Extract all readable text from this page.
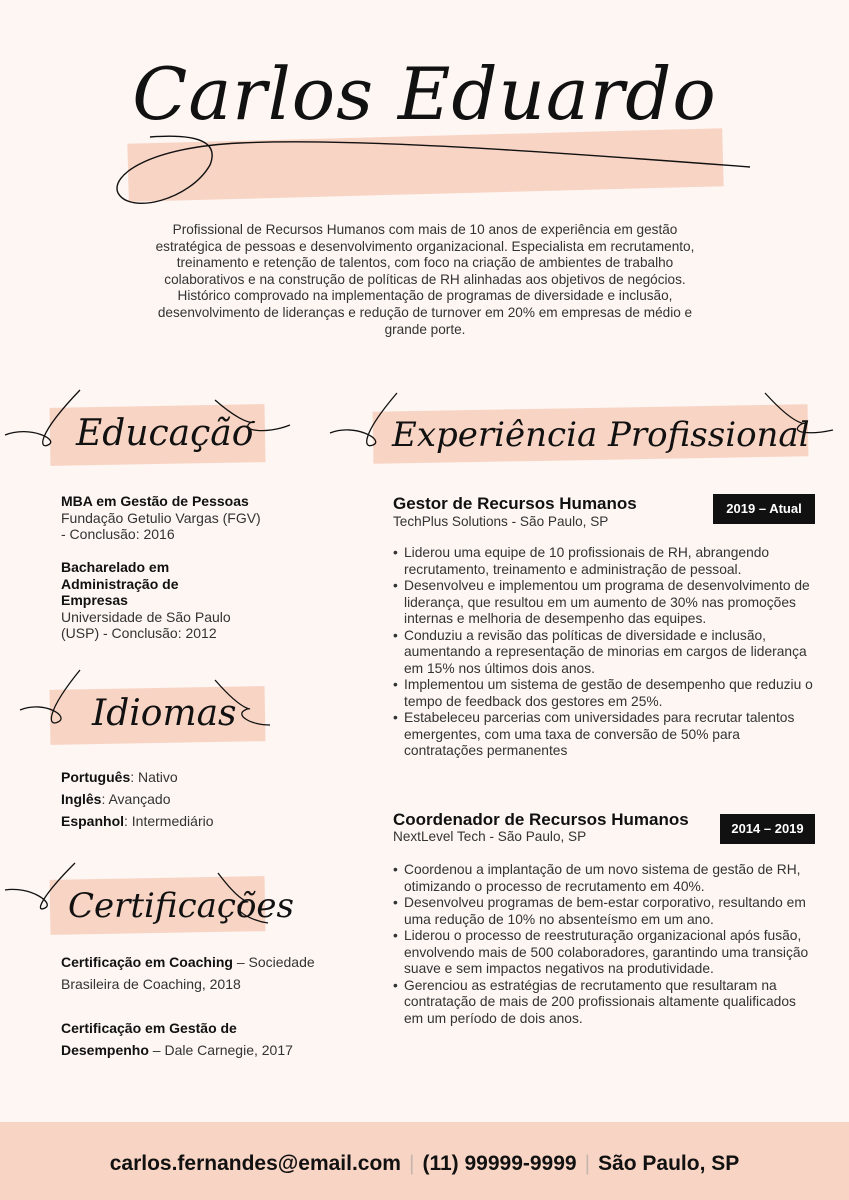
Carlos Eduardo
Profissional de Recursos Humanos com mais de 10 anos de experiência em gestão estratégica de pessoas e desenvolvimento organizacional. Especialista em recrutamento, treinamento e retenção de talentos, com foco na criação de ambientes de trabalho colaborativos e na construção de políticas de RH alinhadas aos objetivos de negócios. Histórico comprovado na implementação de programas de diversidade e inclusão, desenvolvimento de lideranças e redução de turnover em 20% em empresas de médio e grande porte.
Educação
MBA em Gestão de Pessoas
Fundação Getulio Vargas (FGV) - Conclusão: 2016
Bacharelado em Administração de Empresas
Universidade de São Paulo (USP) - Conclusão: 2012
Idiomas
Português: Nativo
Inglês: Avançado
Espanhol: Intermediário
Certificações
Certificação em Coaching – Sociedade Brasileira de Coaching, 2018
Certificação em Gestão de Desempenho – Dale Carnegie, 2017
Experiência Profissional
Gestor de Recursos Humanos
TechPlus Solutions - São Paulo, SP
2019 – Atual
• Liderou uma equipe de 10 profissionais de RH, abrangendo recrutamento, treinamento e administração de pessoal.
• Desenvolveu e implementou um programa de desenvolvimento de liderança, que resultou em um aumento de 30% nas promoções internas e melhoria de desempenho das equipes.
• Conduziu a revisão das políticas de diversidade e inclusão, aumentando a representação de minorias em cargos de liderança em 15% nos últimos dois anos.
• Implementou um sistema de gestão de desempenho que reduziu o tempo de feedback dos gestores em 25%.
• Estabeleceu parcerias com universidades para recrutar talentos emergentes, com uma taxa de conversão de 50% para contratações permanentes
Coordenador de Recursos Humanos
NextLevel Tech - São Paulo, SP
2014 – 2019
• Coordenou a implantação de um novo sistema de gestão de RH, otimizando o processo de recrutamento em 40%.
• Desenvolveu programas de bem-estar corporativo, resultando em uma redução de 10% no absenteísmo em um ano.
• Liderou o processo de reestruturação organizacional após fusão, envolvendo mais de 500 colaboradores, garantindo uma transição suave e sem impactos negativos na produtividade.
• Gerenciou as estratégias de recrutamento que resultaram na contratação de mais de 200 profissionais altamente qualificados em um período de dois anos.
carlos.fernandes@email.com | (11) 99999-9999 | São Paulo, SP
